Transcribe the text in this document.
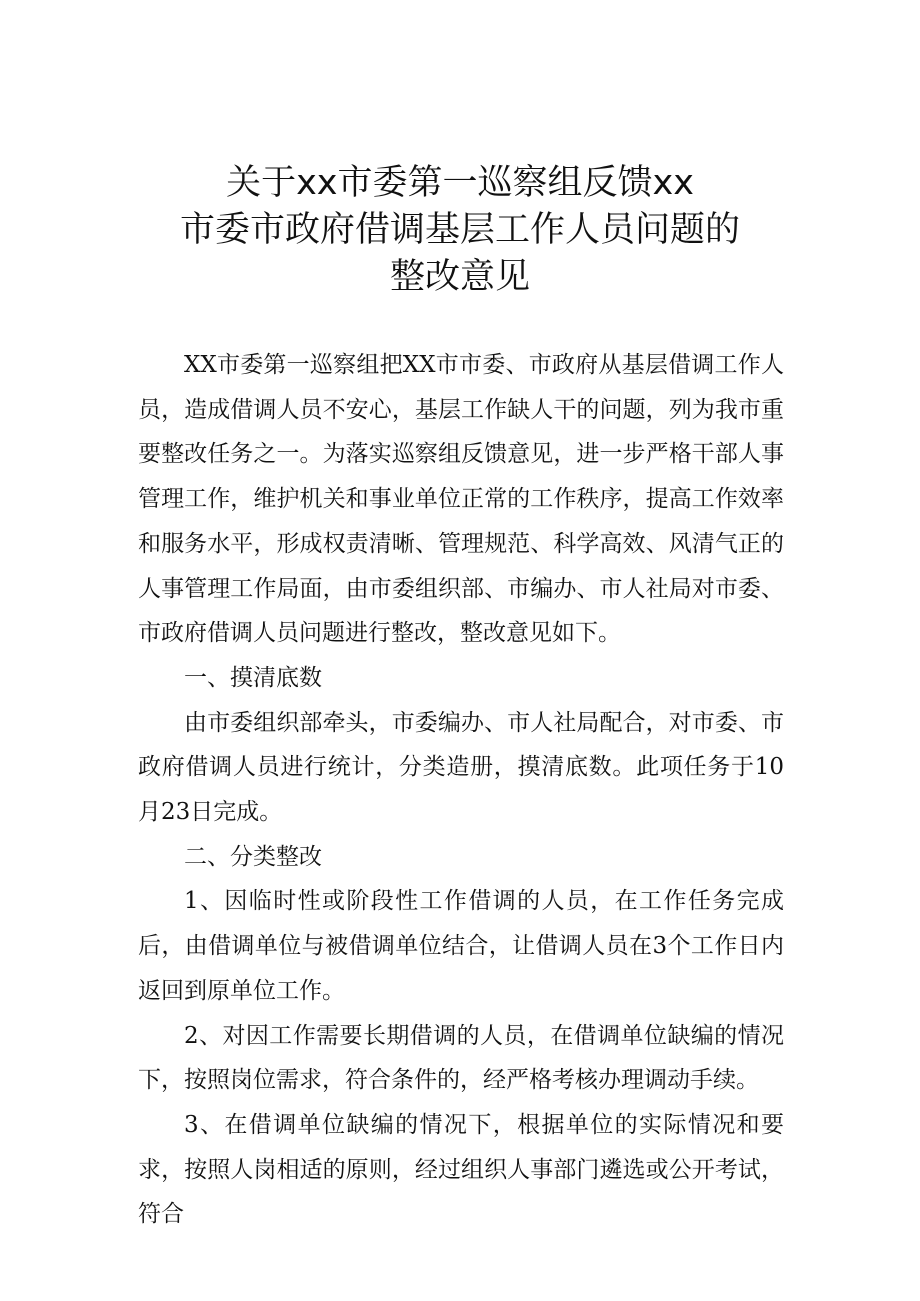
关于xx市委第一巡察组反馈xx
市委市政府借调基层工作人员问题的
整改意见

XX市委第一巡察组把XX市市委、市政府从基层借调工作人员，造成借调人员不安心，基层工作缺人干的问题，列为我市重要整改任务之一。为落实巡察组反馈意见，进一步严格干部人事管理工作，维护机关和事业单位正常的工作秩序，提高工作效率和服务水平，形成权责清晰、管理规范、科学高效、风清气正的人事管理工作局面，由市委组织部、市编办、市人社局对市委、市政府借调人员问题进行整改，整改意见如下。

一、摸清底数

由市委组织部牵头，市委编办、市人社局配合，对市委、市政府借调人员进行统计，分类造册，摸清底数。此项任务于10月23日完成。

二、分类整改

1、因临时性或阶段性工作借调的人员，在工作任务完成后，由借调单位与被借调单位结合，让借调人员在3个工作日内返回到原单位工作。

2、对因工作需要长期借调的人员，在借调单位缺编的情况下，按照岗位需求，符合条件的，经严格考核办理调动手续。

3、在借调单位缺编的情况下，根据单位的实际情况和要求，按照人岗相适的原则，经过组织人事部门遴选或公开考试，符合
